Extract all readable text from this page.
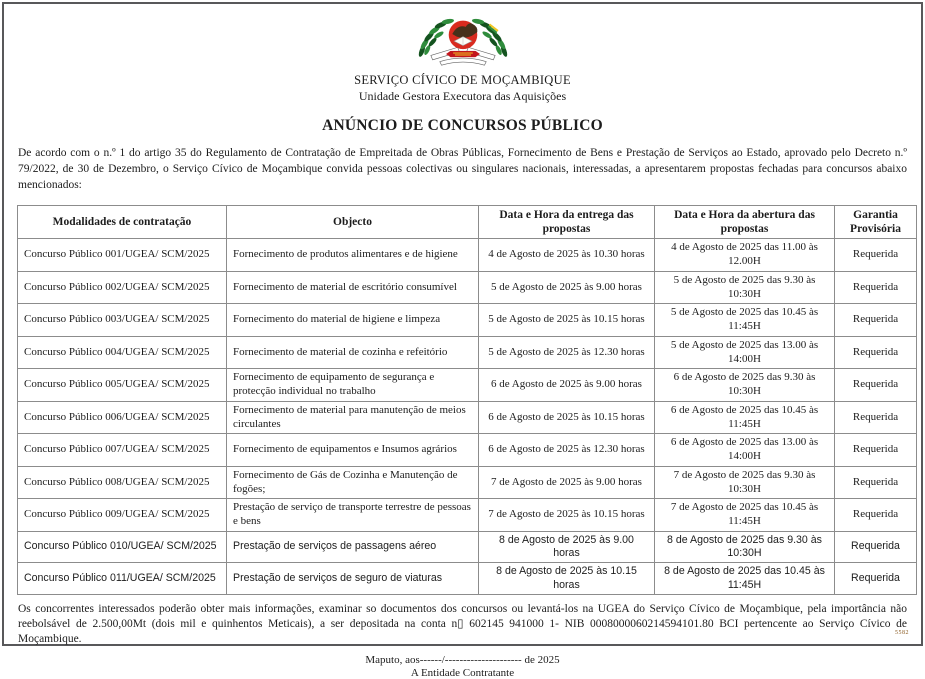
SERVIÇO CÍVICO DE MOÇAMBIQUE
Unidade Gestora Executora das Aquisições
ANÚNCIO DE CONCURSOS PÚBLICO

De acordo com o n.º 1 do artigo 35 do Regulamento de Contratação de Empreitada de Obras Públicas, Fornecimento de Bens e Prestação de Serviços ao Estado, aprovado pelo Decreto n.º 79/2022, de 30 de Dezembro, o Serviço Cívico de Moçambique convida pessoas colectivas ou singulares nacionais, interessadas, a apresentarem propostas fechadas para concursos abaixo mencionados:

Modalidades de contratação	Objecto	Data e Hora da entrega das propostas	Data e Hora da abertura das propostas	Garantia Provisória
Concurso Público 001/UGEA/ SCM/2025	Fornecimento de produtos alimentares e de higiene	4 de Agosto de 2025 às 10.30 horas	4 de Agosto de 2025 das 11.00 às 12.00H	Requerida
Concurso Público 002/UGEA/ SCM/2025	Fornecimento de material de escritório consumível	5 de Agosto de 2025 às 9.00 horas	5 de Agosto de 2025 das 9.30 às 10:30H	Requerida
Concurso Público 003/UGEA/ SCM/2025	Fornecimento do material de higiene e limpeza	5 de Agosto de 2025 às 10.15 horas	5 de Agosto de 2025 das 10.45 às 11:45H	Requerida
Concurso Público 004/UGEA/ SCM/2025	Fornecimento de material de cozinha e refeitório	5 de Agosto de 2025 às 12.30 horas	5 de Agosto de 2025 das 13.00 às 14:00H	Requerida
Concurso Público 005/UGEA/ SCM/2025	Fornecimento de equipamento de segurança e protecção individual no trabalho	6 de Agosto de 2025 às 9.00 horas	6 de Agosto de 2025 das 9.30 às 10:30H	Requerida
Concurso Público 006/UGEA/ SCM/2025	Fornecimento de material para manutenção de meios circulantes	6 de Agosto de 2025 às 10.15 horas	6 de Agosto de 2025 das 10.45 às 11:45H	Requerida
Concurso Público 007/UGEA/ SCM/2025	Fornecimento de equipamentos e Insumos agrários	6 de Agosto de 2025 às 12.30 horas	6 de Agosto de 2025 das 13.00 às 14:00H	Requerida
Concurso Público 008/UGEA/ SCM/2025	Fornecimento de Gás de Cozinha e Manutenção de fogões;	7 de Agosto de 2025 às 9.00 horas	7 de Agosto de 2025 das 9.30 às 10:30H	Requerida
Concurso Público 009/UGEA/ SCM/2025	Prestação de serviço de transporte terrestre de pessoas e bens	7 de Agosto de 2025 às 10.15 horas	7 de Agosto de 2025 das 10.45 às 11:45H	Requerida
Concurso Público 010/UGEA/ SCM/2025	Prestação de serviços de passagens aéreo	8 de Agosto de 2025 às 9.00 horas	8 de Agosto de 2025 das 9.30 às 10:30H	Requerida
Concurso Público 011/UGEA/ SCM/2025	Prestação de serviços de seguro de viaturas	8 de Agosto de 2025 às 10.15 horas	8 de Agosto de 2025 das 10.45 às 11:45H	Requerida

Os concorrentes interessados poderão obter mais informações, examinar so documentos dos concursos ou levantá-los na UGEA do Serviço Cívico de Moçambique, pela importância não reebolsável de 2.500,00Mt (dois mil e quinhentos Meticais), a ser depositada na conta n▯ 602145 941000 1- NIB 0008000060214594101.80 BCI pertencente ao Serviço Cívico de Moçambique.

Maputo, aos------/--------------------- de 2025
A Entidade Contratante
5582
